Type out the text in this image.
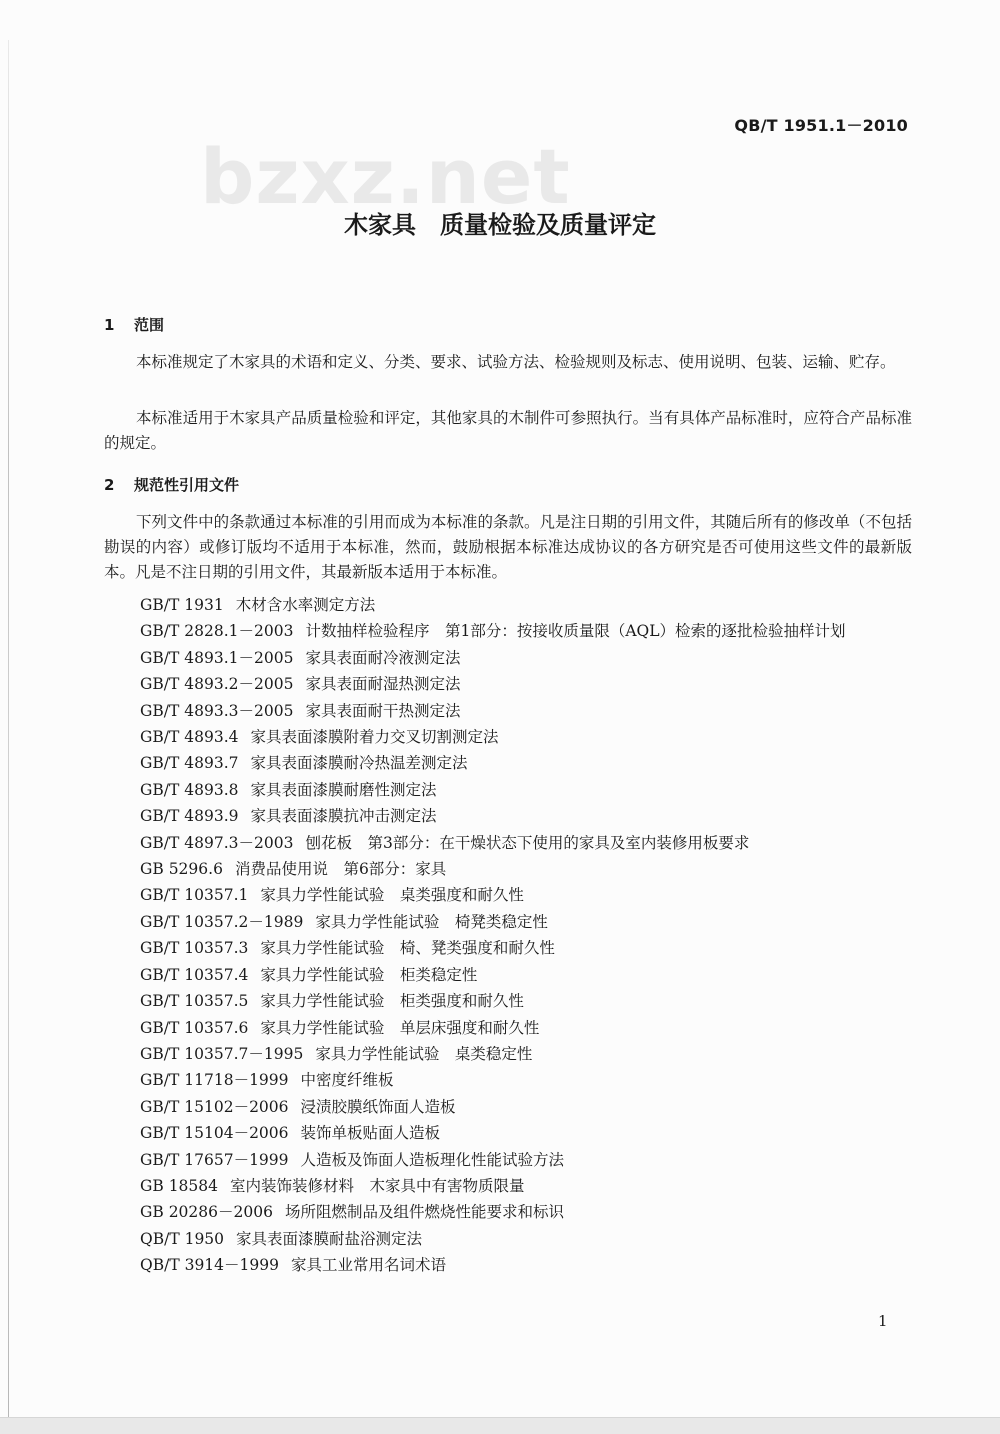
QB/T 1951.1－2010
bzxz.net
木家具　质量检验及质量评定
1 范围
本标准规定了木家具的术语和定义、分类、要求、试验方法、检验规则及标志、使用说明、包装、运输、贮存。
本标准适用于木家具产品质量检验和评定，其他家具的木制件可参照执行。当有具体产品标准时，应符合产品标准的规定。
2 规范性引用文件
下列文件中的条款通过本标准的引用而成为本标准的条款。凡是注日期的引用文件，其随后所有的修改单（不包括勘误的内容）或修订版均不适用于本标准，然而，鼓励根据本标准达成协议的各方研究是否可使用这些文件的最新版本。凡是不注日期的引用文件，其最新版本适用于本标准。
GB/T 1931 木材含水率测定方法
GB/T 2828.1－2003 计数抽样检验程序　第1部分：按接收质量限（AQL）检索的逐批检验抽样计划
GB/T 4893.1－2005 家具表面耐冷液测定法
GB/T 4893.2－2005 家具表面耐湿热测定法
GB/T 4893.3－2005 家具表面耐干热测定法
GB/T 4893.4 家具表面漆膜附着力交叉切割测定法
GB/T 4893.7 家具表面漆膜耐冷热温差测定法
GB/T 4893.8 家具表面漆膜耐磨性测定法
GB/T 4893.9 家具表面漆膜抗冲击测定法
GB/T 4897.3－2003 刨花板　第3部分：在干燥状态下使用的家具及室内装修用板要求
GB 5296.6 消费品使用说　第6部分：家具
GB/T 10357.1 家具力学性能试验　桌类强度和耐久性
GB/T 10357.2－1989 家具力学性能试验　椅凳类稳定性
GB/T 10357.3 家具力学性能试验　椅、凳类强度和耐久性
GB/T 10357.4 家具力学性能试验　柜类稳定性
GB/T 10357.5 家具力学性能试验　柜类强度和耐久性
GB/T 10357.6 家具力学性能试验　单层床强度和耐久性
GB/T 10357.7－1995 家具力学性能试验　桌类稳定性
GB/T 11718－1999 中密度纤维板
GB/T 15102－2006 浸渍胶膜纸饰面人造板
GB/T 15104－2006 装饰单板贴面人造板
GB/T 17657－1999 人造板及饰面人造板理化性能试验方法
GB 18584 室内装饰装修材料　木家具中有害物质限量
GB 20286－2006 场所阻燃制品及组件燃烧性能要求和标识
QB/T 1950 家具表面漆膜耐盐浴测定法
QB/T 3914－1999 家具工业常用名词术语
1
